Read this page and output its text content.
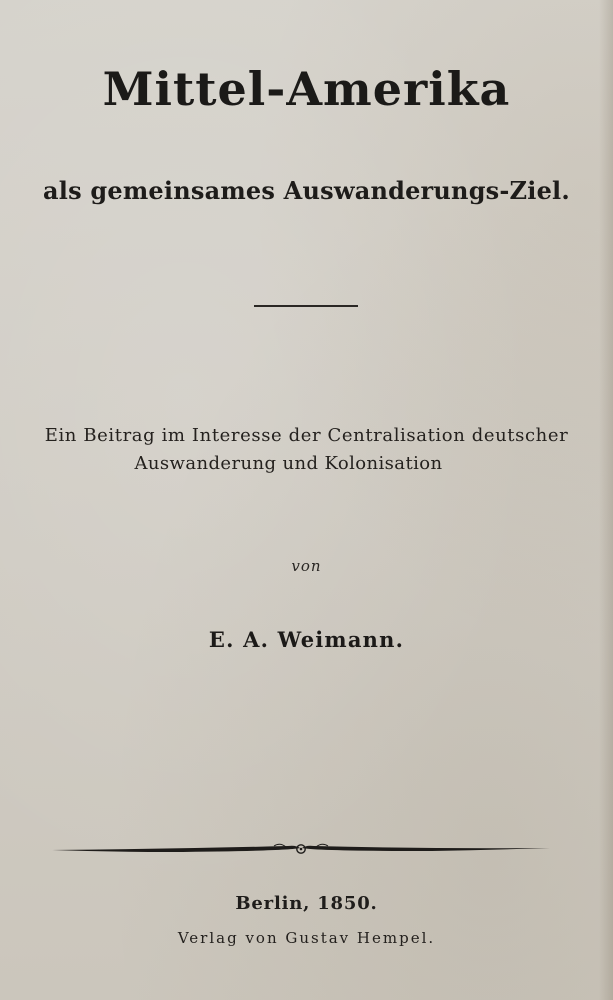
Mittel-Amerika
als gemeinsames Auswanderungs-Ziel.
Ein Beitrag im Interesse der Centralisation deutscher
Auswanderung und Kolonisation
von
E. A. Weimann.
Berlin, 1850.
Verlag von Gustav Hempel.
